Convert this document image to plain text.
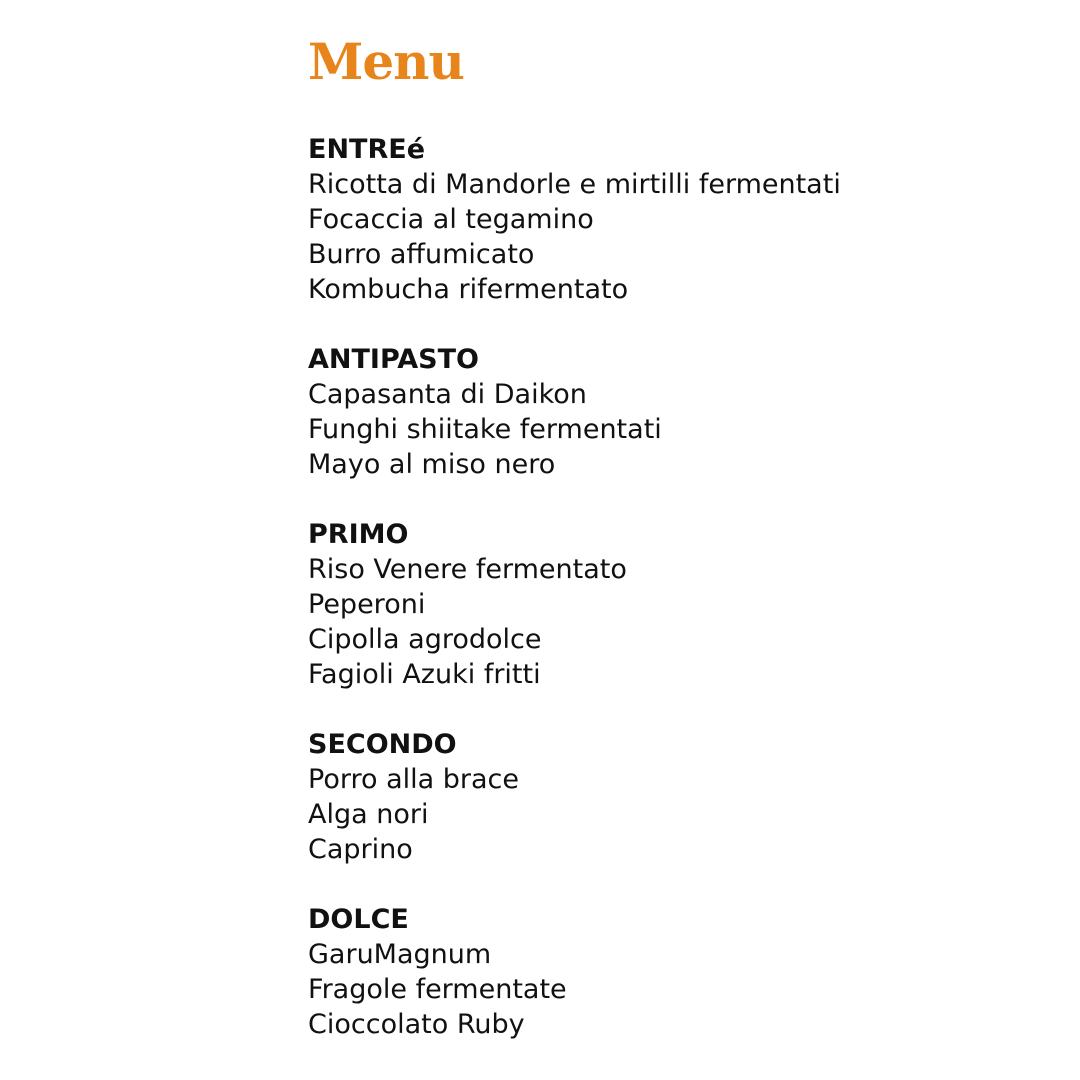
Menu
ENTREé
Ricotta di Mandorle e mirtilli fermentati
Focaccia al tegamino
Burro affumicato
Kombucha rifermentato
ANTIPASTO
Capasanta di Daikon
Funghi shiitake fermentati
Mayo al miso nero
PRIMO
Riso Venere fermentato
Peperoni
Cipolla agrodolce
Fagioli Azuki fritti
SECONDO
Porro alla brace
Alga nori
Caprino
DOLCE
GaruMagnum
Fragole fermentate
Cioccolato Ruby
